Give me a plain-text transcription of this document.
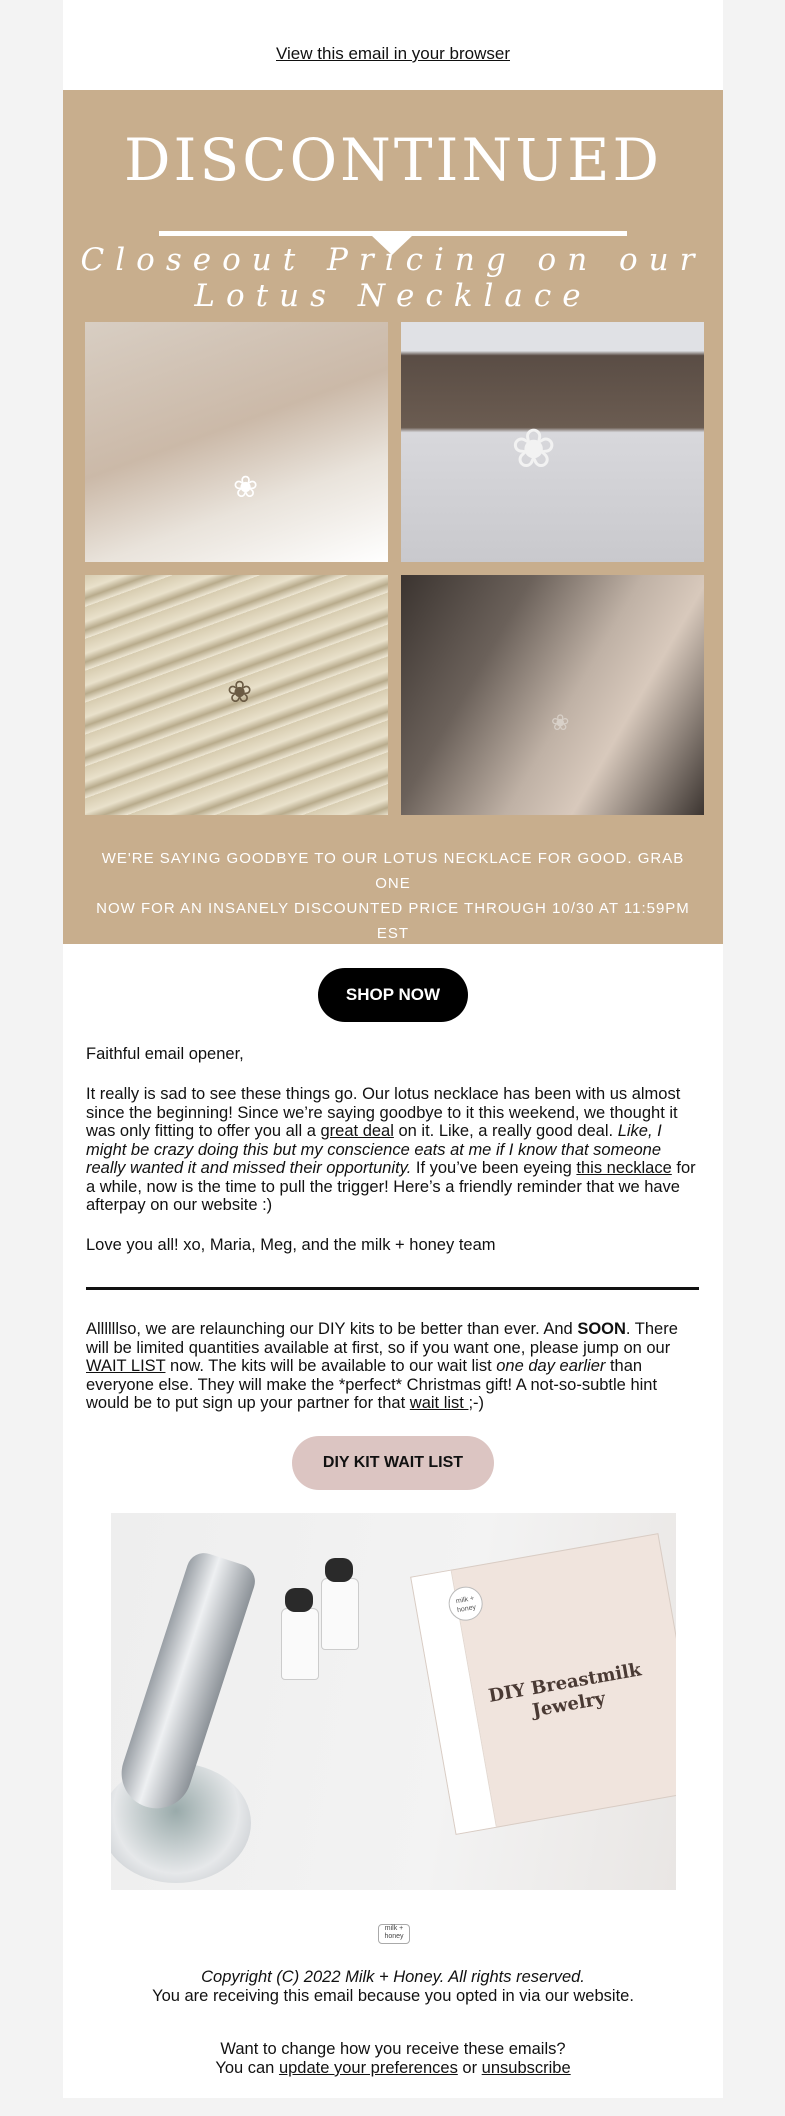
View this email in your browser
DISCONTINUED
Closeout Pricing on our Lotus Necklace
❀
❀
❀
❀
WE'RE SAYING GOODBYE TO OUR LOTUS NECKLACE FOR GOOD. GRAB ONE
NOW FOR AN INSANELY DISCOUNTED PRICE THROUGH 10/30 AT 11:59PM EST
SHOP NOW
Faithful email opener,
It really is sad to see these things go. Our lotus necklace has been with us almost since the beginning! Since we’re saying goodbye to it this weekend, we thought it was only fitting to offer you all a great deal on it. Like, a really good deal. Like, I might be crazy doing this but my conscience eats at me if I know that someone really wanted it and missed their opportunity. If you’ve been eyeing this necklace for a while, now is the time to pull the trigger! Here’s a friendly reminder that we have afterpay on our website :)
Love you all! xo, Maria, Meg, and the milk + honey team
Allllllso, we are relaunching our DIY kits to be better than ever. And SOON. There will be limited quantities available at first, so if you want one, please jump on our WAIT LIST now. The kits will be available to our wait list one day earlier than everyone else. They will make the *perfect* Christmas gift! A not-so-subtle hint would be to put sign up your partner for that wait list ;-)
DIY KIT WAIT LIST
milk + honey
DIY Breastmilk Jewelry
milk + honey
Copyright (C) 2022 Milk + Honey. All rights reserved.
You are receiving this email because you opted in via our website.
Want to change how you receive these emails?
You can update your preferences or unsubscribe
